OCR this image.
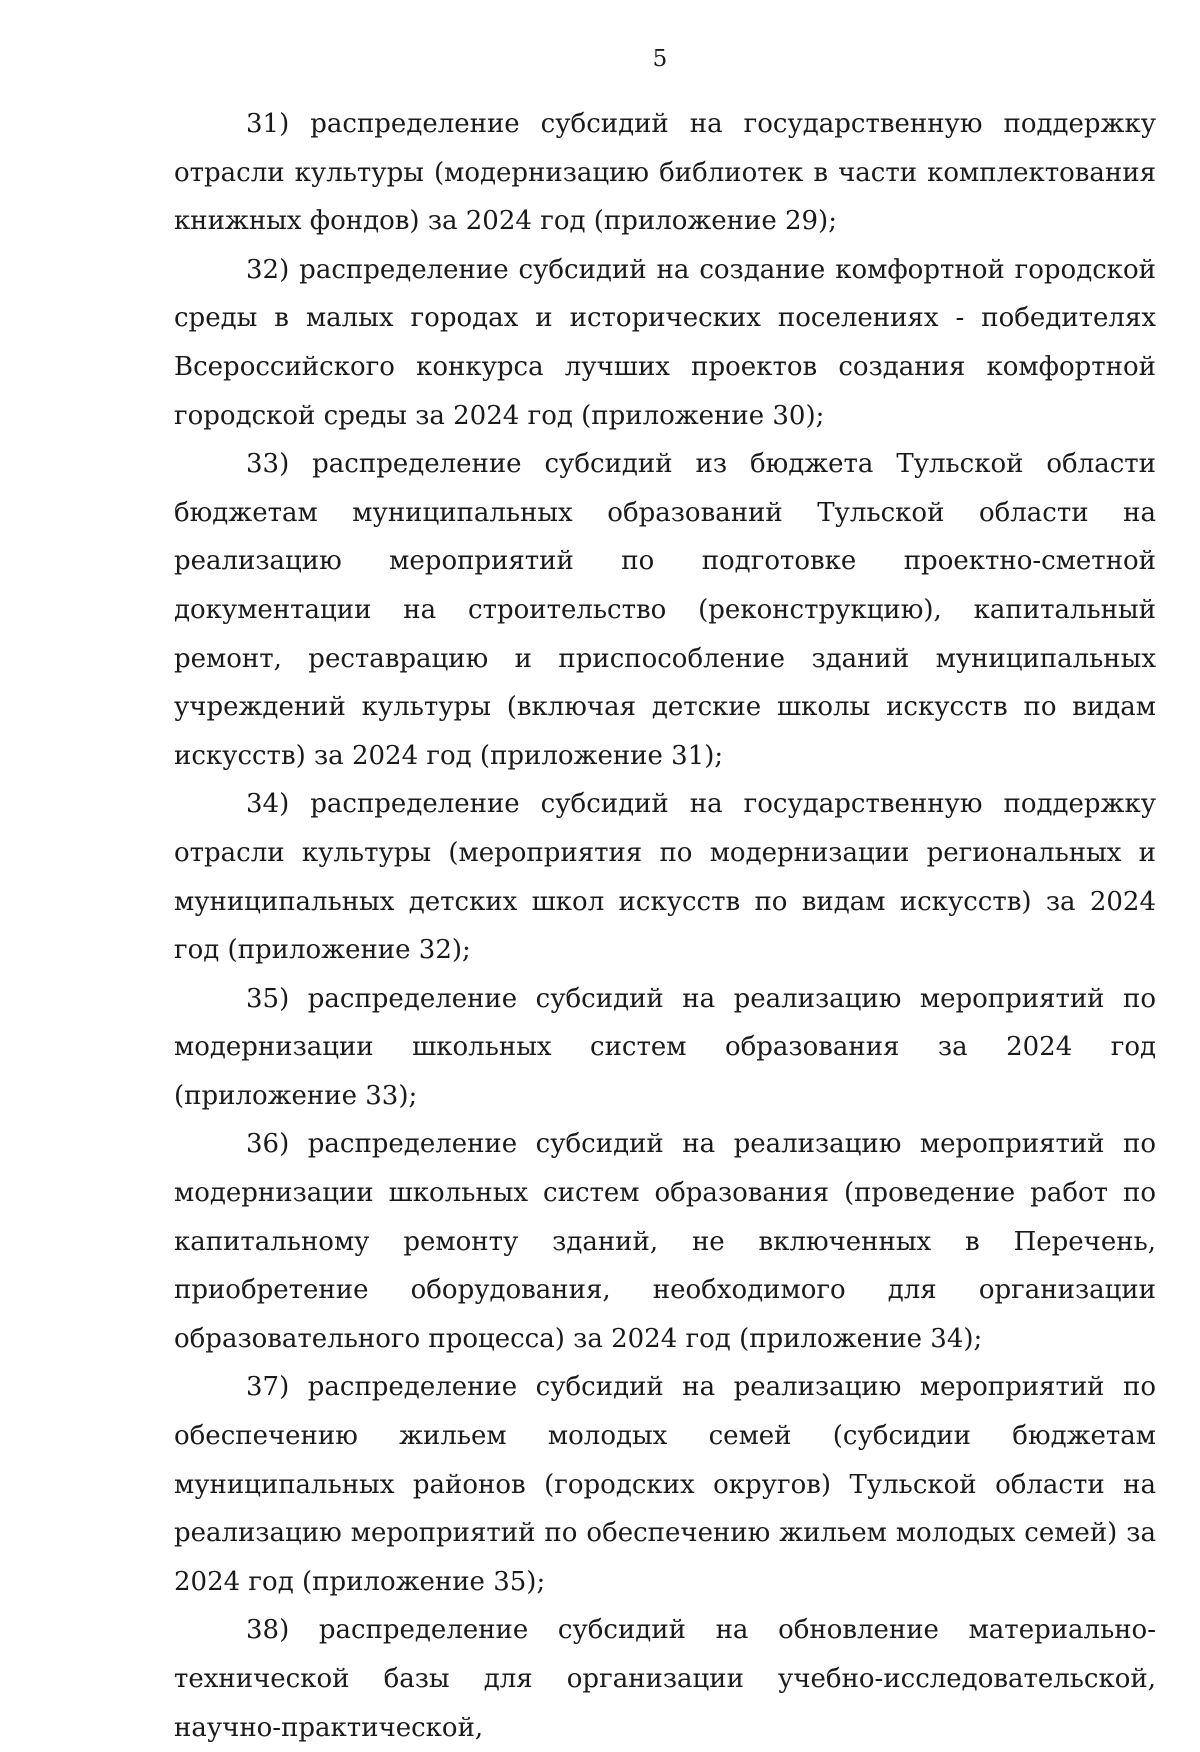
5

31) распределение субсидий на государственную поддержку отрасли культуры (модернизацию библиотек в части комплектования книжных фондов) за 2024 год (приложение 29);

32) распределение субсидий на создание комфортной городской среды в малых городах и исторических поселениях - победителях Всероссийского конкурса лучших проектов создания комфортной городской среды за 2024 год (приложение 30);

33) распределение субсидий из бюджета Тульской области бюджетам муниципальных образований Тульской области на реализацию мероприятий по подготовке проектно-сметной документации на строительство (реконструкцию), капитальный ремонт, реставрацию и приспособление зданий муниципальных учреждений культуры (включая детские школы искусств по видам искусств) за 2024 год (приложение 31);

34) распределение субсидий на государственную поддержку отрасли культуры (мероприятия по модернизации региональных и муниципальных детских школ искусств по видам искусств) за 2024 год (приложение 32);

35) распределение субсидий на реализацию мероприятий по модернизации школьных систем образования за 2024 год (приложение 33);

36) распределение субсидий на реализацию мероприятий по модернизации школьных систем образования (проведение работ по капитальному ремонту зданий, не включенных в Перечень, приобретение оборудования, необходимого для организации образовательного процесса) за 2024 год (приложение 34);

37) распределение субсидий на реализацию мероприятий по обеспечению жильем молодых семей (субсидии бюджетам муниципальных районов (городских округов) Тульской области на реализацию мероприятий по обеспечению жильем молодых семей) за 2024 год (приложение 35);

38) распределение субсидий на обновление материально-технической базы для организации учебно-исследовательской, научно-практической,
